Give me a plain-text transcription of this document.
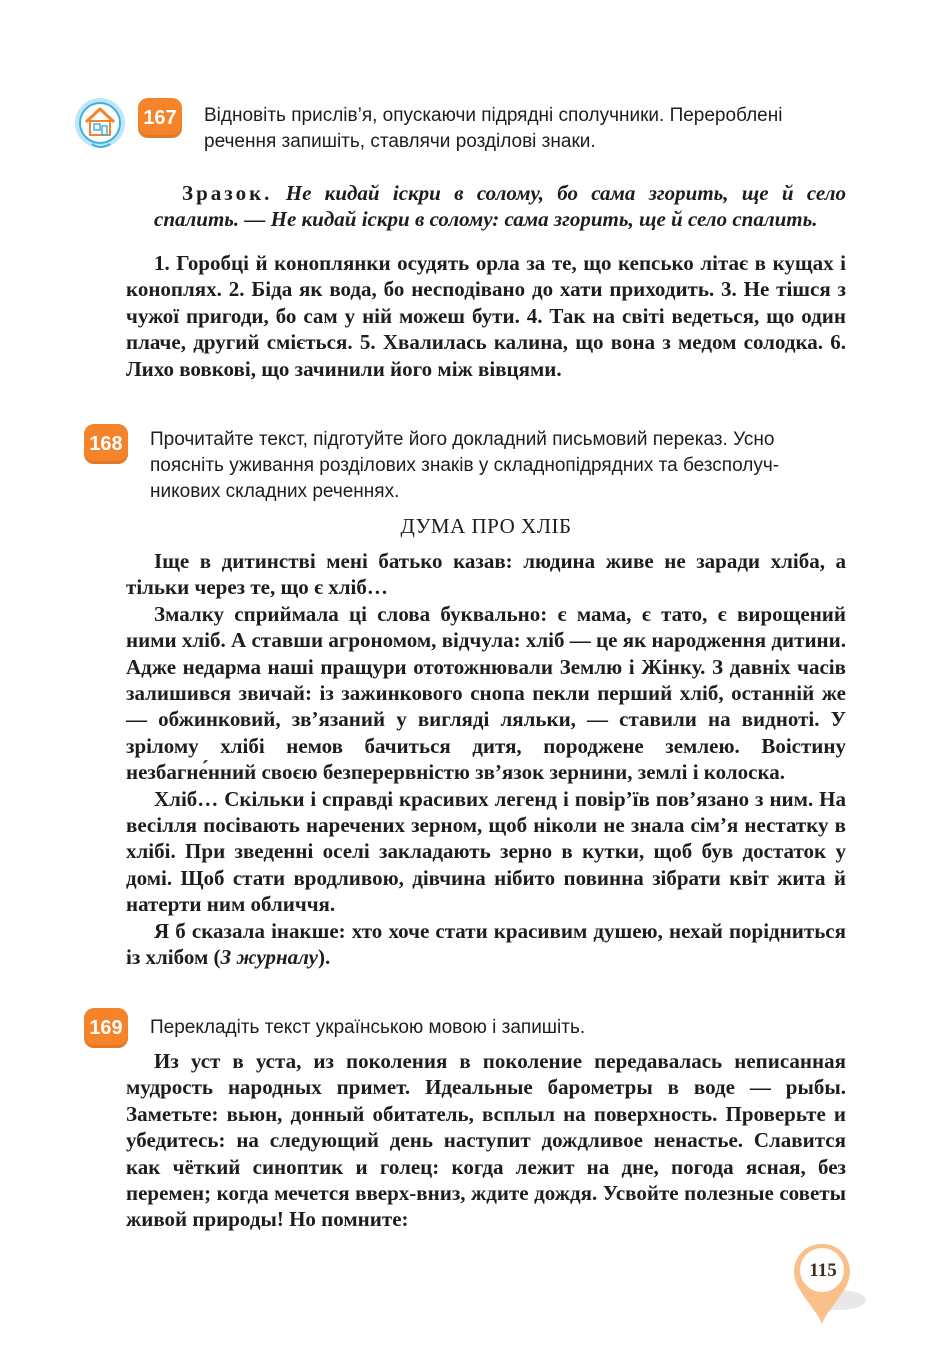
167 Відновіть прислів’я, опускаючи підрядні сполучники. Перероблені
речення запишіть, ставлячи розділові знаки.

Зразок. Не кидай іскри в солому, бо сама згорить, ще й село спалить. — Не кидай іскри в солому: сама згорить, ще й село спалить.

1. Горобці й коноплянки осудять орла за те, що кепсько літає в кущах і коноплях. 2. Біда як вода, бо несподівано до хати приходить. 3. Не тішся з чужої пригоди, бо сам у ній можеш бути. 4. Так на світі ведеться, що один плаче, другий сміється. 5. Хвалилась калина, що вона з медом солодка. 6. Лихо вовкові, що зачинили його між вівцями.

168 Прочитайте текст, підготуйте його докладний письмовий переказ. Усно
поясніть уживання розділових знаків у складнопідрядних та безсполуч-
никових складних реченнях.
ДУМА ПРО ХЛІБ

Іще в дитинстві мені батько казав: людина живе не заради хліба, а тільки через те, що є хліб…

Змалку сприймала ці слова буквально: є мама, є тато, є вирощений ними хліб. А ставши агрономом, відчула: хліб — це як народження дитини. Адже недарма наші пращури ототожнювали Землю і Жінку. З давніх часів залишився звичай: із зажинкового снопа пекли перший хліб, останній же — обжинковий, зв’язаний у вигляді ляльки, — ставили на видноті. У зрілому хлібі немов бачиться дитя, породжене землею. Воістину незбагне́нний своєю безперервністю зв’язок зернини, землі і колоска.

Хліб… Скільки і справді красивих легенд і повір’їв пов’язано з ним. На весілля посівають наречених зерном, щоб ніколи не знала сім’я нестатку в хлібі. При зведенні оселі закладають зерно в кутки, щоб був достаток у домі. Щоб стати вродливою, дівчина нібито повинна зібрати квіт жита й натерти ним обличчя.

Я б сказала інакше: хто хоче стати красивим душею, нехай порідниться із хлібом (З журналу).

169 Перекладіть текст українською мовою і запишіть.

Из уст в уста, из поколения в поколение передавалась неписанная мудрость народных примет. Идеальные барометры в воде — рыбы. Заметьте: вьюн, донный обитатель, всплыл на поверхность. Проверьте и убедитесь: на следующий день наступит дождливое ненастье. Славится как чёткий синоптик и голец: когда лежит на дне, погода ясная, без перемен; когда мечется вверх-вниз, ждите дождя. Усвойте полезные советы живой природы! Но помните:

115
